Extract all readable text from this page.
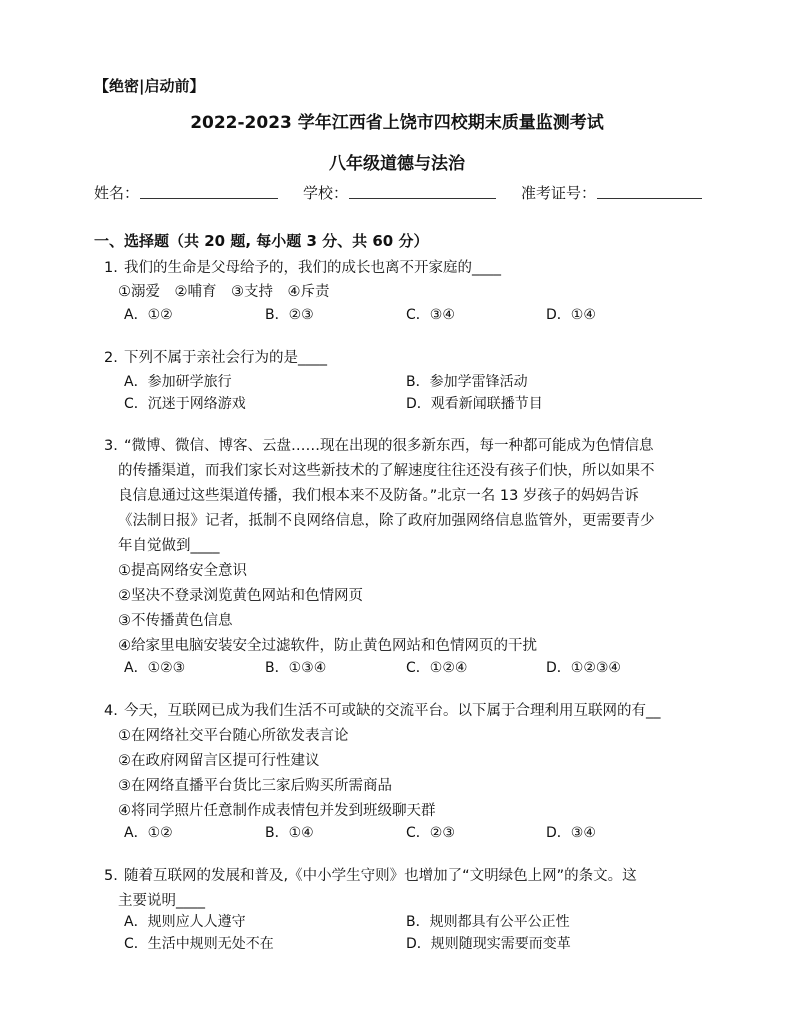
【绝密|启动前】
2022-2023 学年江西省上饶市四校期末质量监测考试
八年级道德与法治
姓名：	学校：	准考证号：
一、选择题（共 20 题, 每小题 3 分、共 60 分）
1. 我们的生命是父母给予的，我们的成长也离不开家庭的____
①溺爱　②哺育　③支持　④斥责
A．①②	B．②③	C．③④	D．①④
2. 下列不属于亲社会行为的是____
A．参加研学旅行	B．参加学雷锋活动
C．沉迷于网络游戏	D．观看新闻联播节目
3. “微博、微信、博客、云盘……现在出现的很多新东西，每一种都可能成为色情信息
的传播渠道，而我们家长对这些新技术的了解速度往往还没有孩子们快，所以如果不
良信息通过这些渠道传播，我们根本来不及防备。”北京一名 13 岁孩子的妈妈告诉
《法制日报》记者，抵制不良网络信息，除了政府加强网络信息监管外，更需要青少
年自觉做到____
①提高网络安全意识
②坚决不登录浏览黄色网站和色情网页
③不传播黄色信息
④给家里电脑安装安全过滤软件，防止黄色网站和色情网页的干扰
A．①②③	B．①③④	C．①②④	D．①②③④
4. 今天，互联网已成为我们生活不可或缺的交流平台。以下属于合理利用互联网的有__
①在网络社交平台随心所欲发表言论
②在政府网留言区提可行性建议
③在网络直播平台货比三家后购买所需商品
④将同学照片任意制作成表情包并发到班级聊天群
A．①②	B．①④	C．②③	D．③④
5. 随着互联网的发展和普及,《中小学生守则》也增加了“文明绿色上网”的条文。这
主要说明____
A．规则应人人遵守	B．规则都具有公平公正性
C．生活中规则无处不在	D．规则随现实需要而变革
